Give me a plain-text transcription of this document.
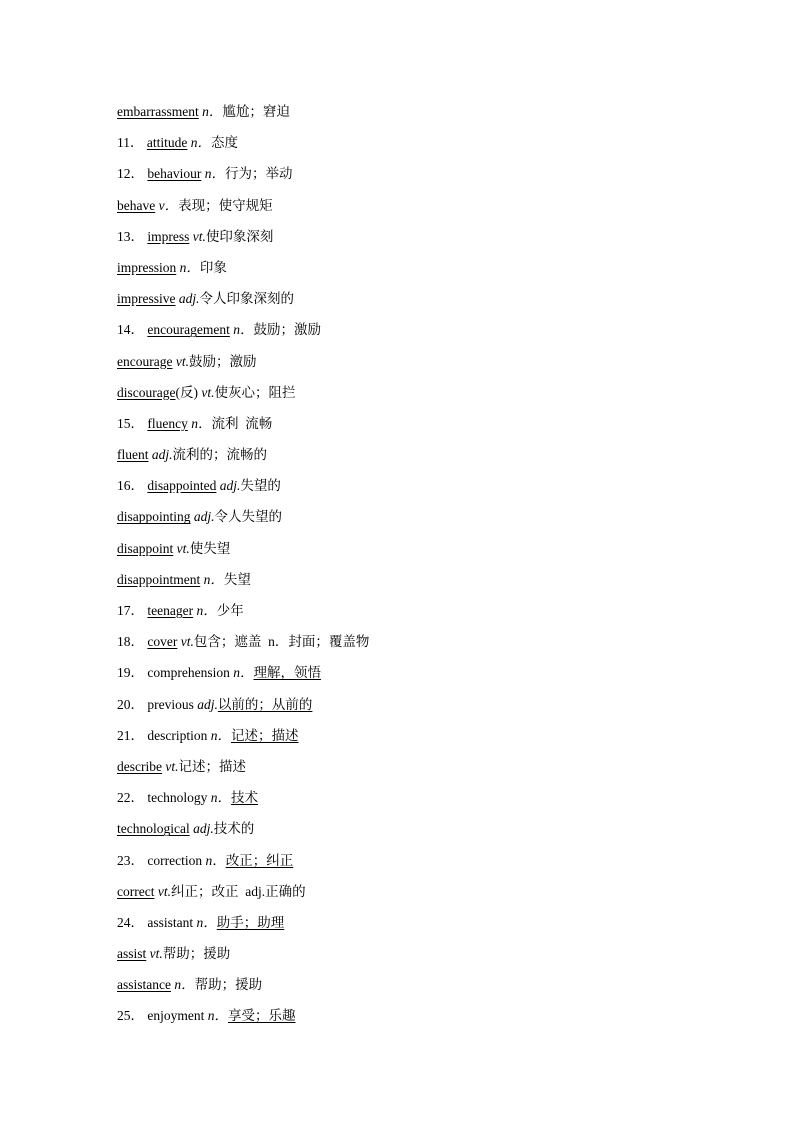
embarrassment n．尴尬；窘迫
11． attitude n．态度
12． behaviour n．行为；举动
behave v．表现；使守规矩
13． impress vt.使印象深刻
impression n．印象
impressive adj.令人印象深刻的
14． encouragement n．鼓励；激励
encourage vt.鼓励；激励
discourage(反) vt.使灰心；阻拦
15． fluency n．流利  流畅
fluent adj.流利的；流畅的
16． disappointed adj.失望的
disappointing adj.令人失望的
disappoint vt.使失望
disappointment n．失望
17． teenager n．少年
18． cover vt.包含；遮盖  n．封面；覆盖物
19． comprehension n．理解，领悟
20． previous adj.以前的；从前的
21． description n．记述；描述
describe vt.记述；描述
22． technology n．技术
technological adj.技术的
23． correction n．改正；纠正
correct vt.纠正；改正  adj.正确的
24． assistant n．助手；助理
assist vt.帮助；援助
assistance n．帮助；援助
25． enjoyment n．享受；乐趣
